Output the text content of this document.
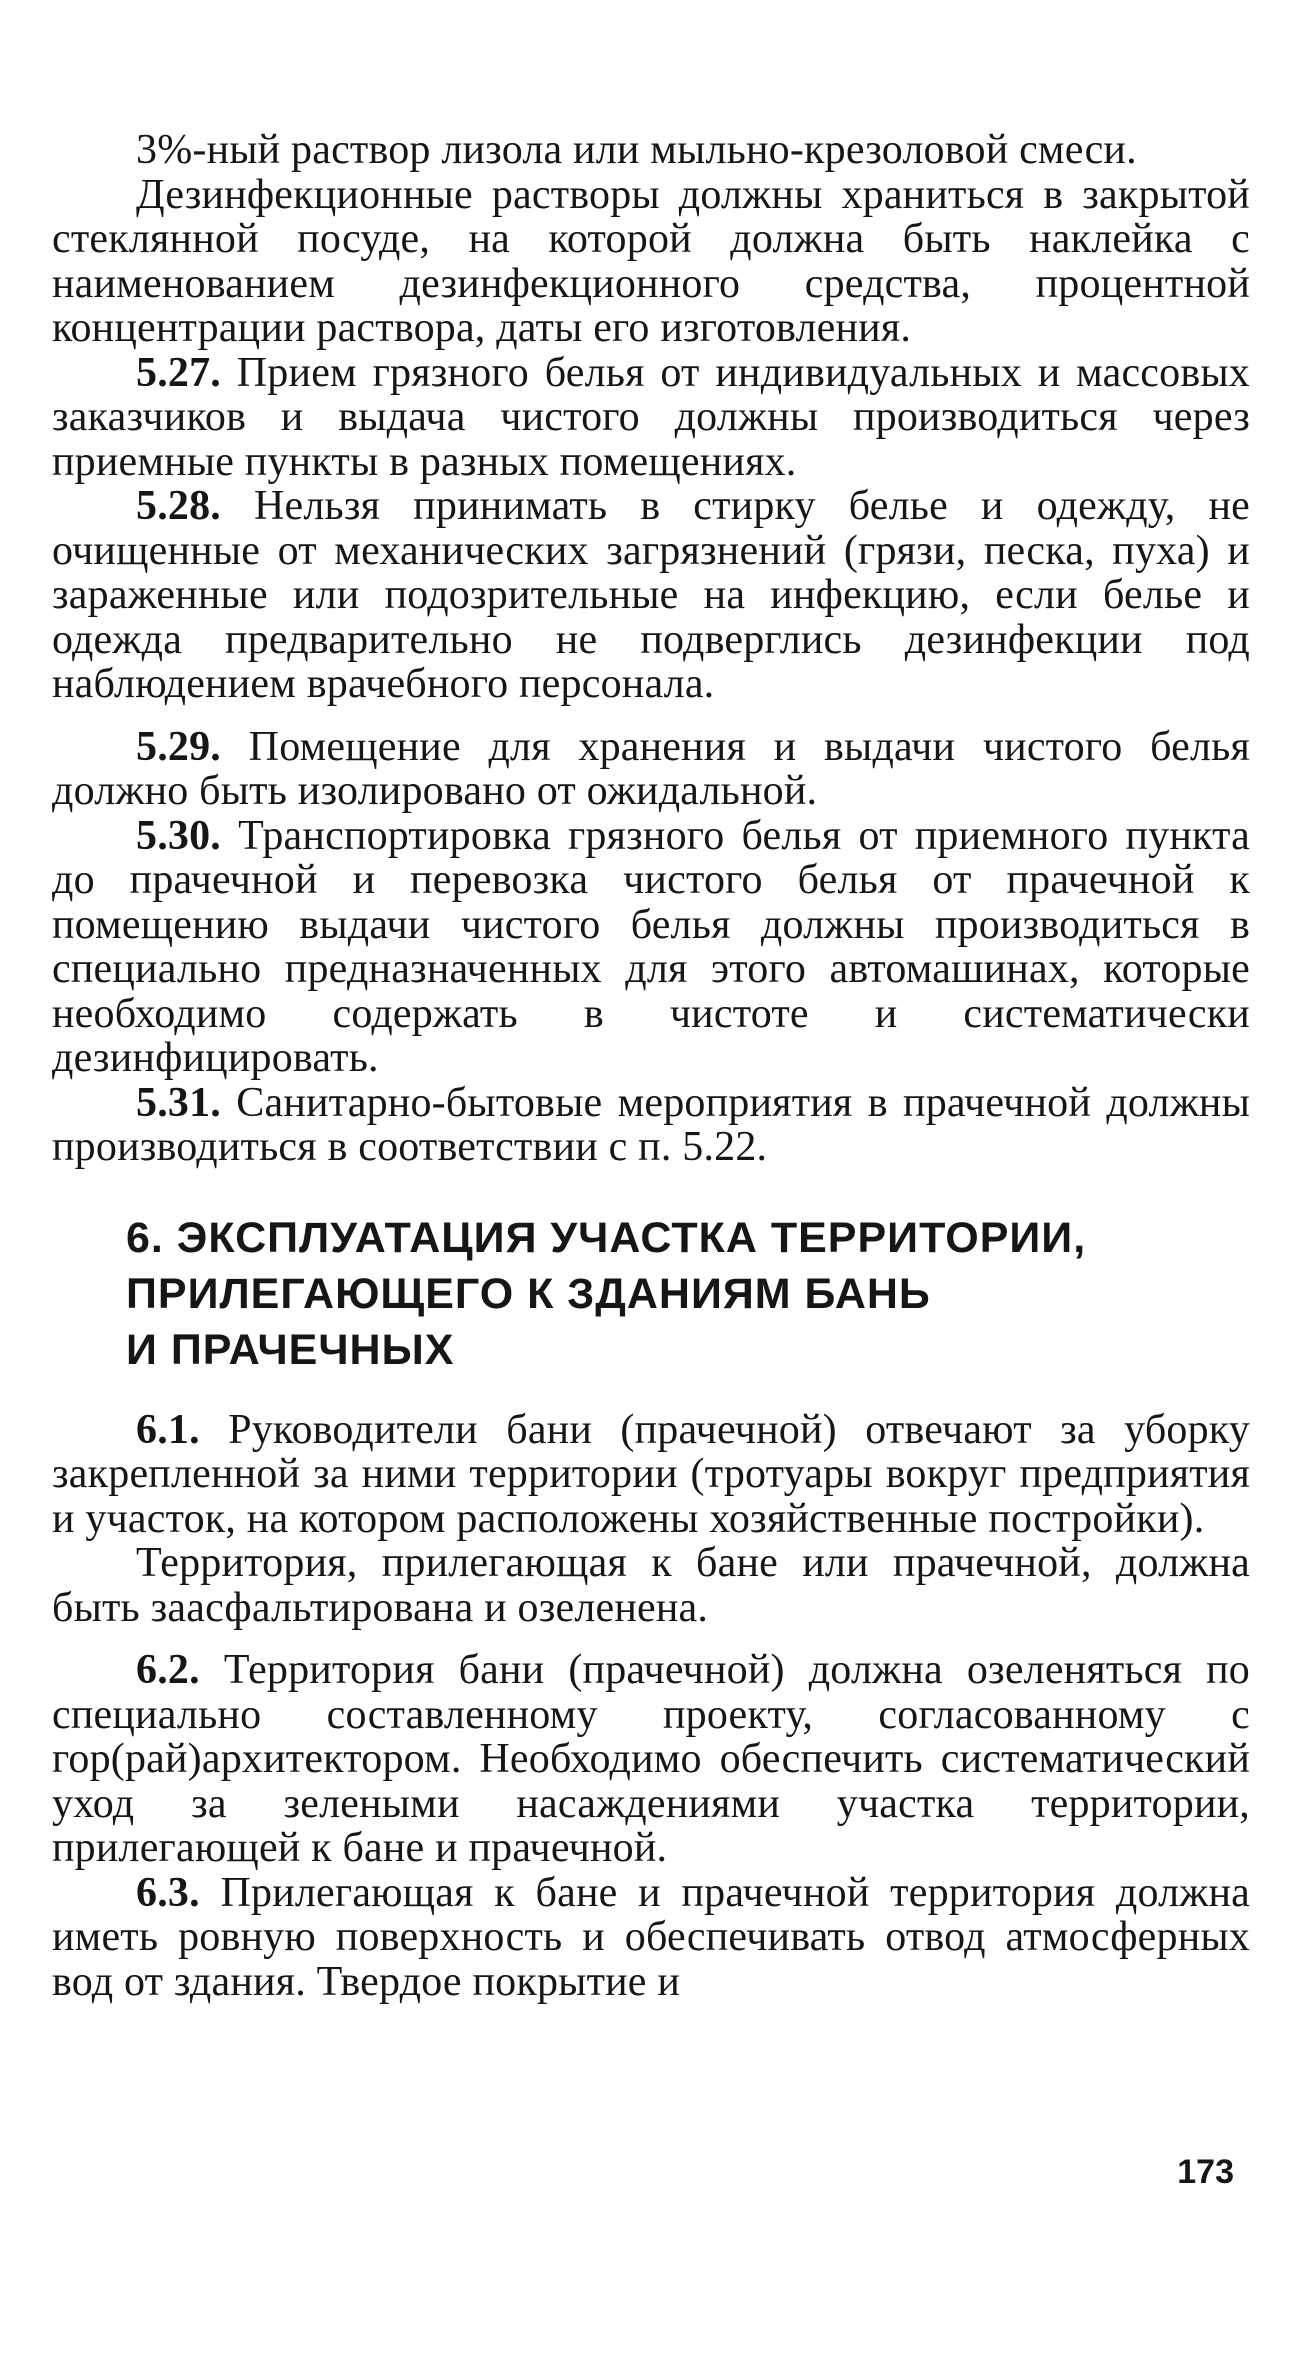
3%-ный раствор лизола или мыльно-крезоловой смеси.

Дезинфекционные растворы должны храниться в закрытой стеклянной посуде, на которой должна быть наклейка с наименованием дезинфекционного средства, процентной концентрации раствора, даты его изготовления.

5.27. Прием грязного белья от индивидуальных и массовых заказчиков и выдача чистого должны производиться через приемные пункты в разных помещениях.

5.28. Нельзя принимать в стирку белье и одежду, не очищенные от механических загрязнений (грязи, песка, пуха) и зараженные или подозрительные на инфекцию, если белье и одежда предварительно не подверглись дезинфекции под наблюдением врачебного персонала.

5.29. Помещение для хранения и выдачи чистого белья должно быть изолировано от ожидальной.

5.30. Транспортировка грязного белья от приемного пункта до прачечной и перевозка чистого белья от прачечной к помещению выдачи чистого белья должны производиться в специально предназначенных для этого автомашинах, которые необходимо содержать в чистоте и систематически дезинфицировать.

5.31. Санитарно-бытовые мероприятия в прачечной должны производиться в соответствии с п. 5.22.

6. ЭКСПЛУАТАЦИЯ УЧАСТКА ТЕРРИТОРИИ,
ПРИЛЕГАЮЩЕГО К ЗДАНИЯМ БАНЬ
И ПРАЧЕЧНЫХ

6.1. Руководители бани (прачечной) отвечают за уборку закрепленной за ними территории (тротуары вокруг предприятия и участок, на котором расположены хозяйственные постройки).

Территория, прилегающая к бане или прачечной, должна быть заасфальтирована и озеленена.

6.2. Территория бани (прачечной) должна озеленяться по специально составленному проекту, согласованному с гор(рай)архитектором. Необходимо обеспечить систематический уход за зелеными насаждениями участка территории, прилегающей к бане и прачечной.

6.3. Прилегающая к бане и прачечной территория должна иметь ровную поверхность и обеспечивать отвод атмосферных вод от здания. Твердое покрытие и

173
